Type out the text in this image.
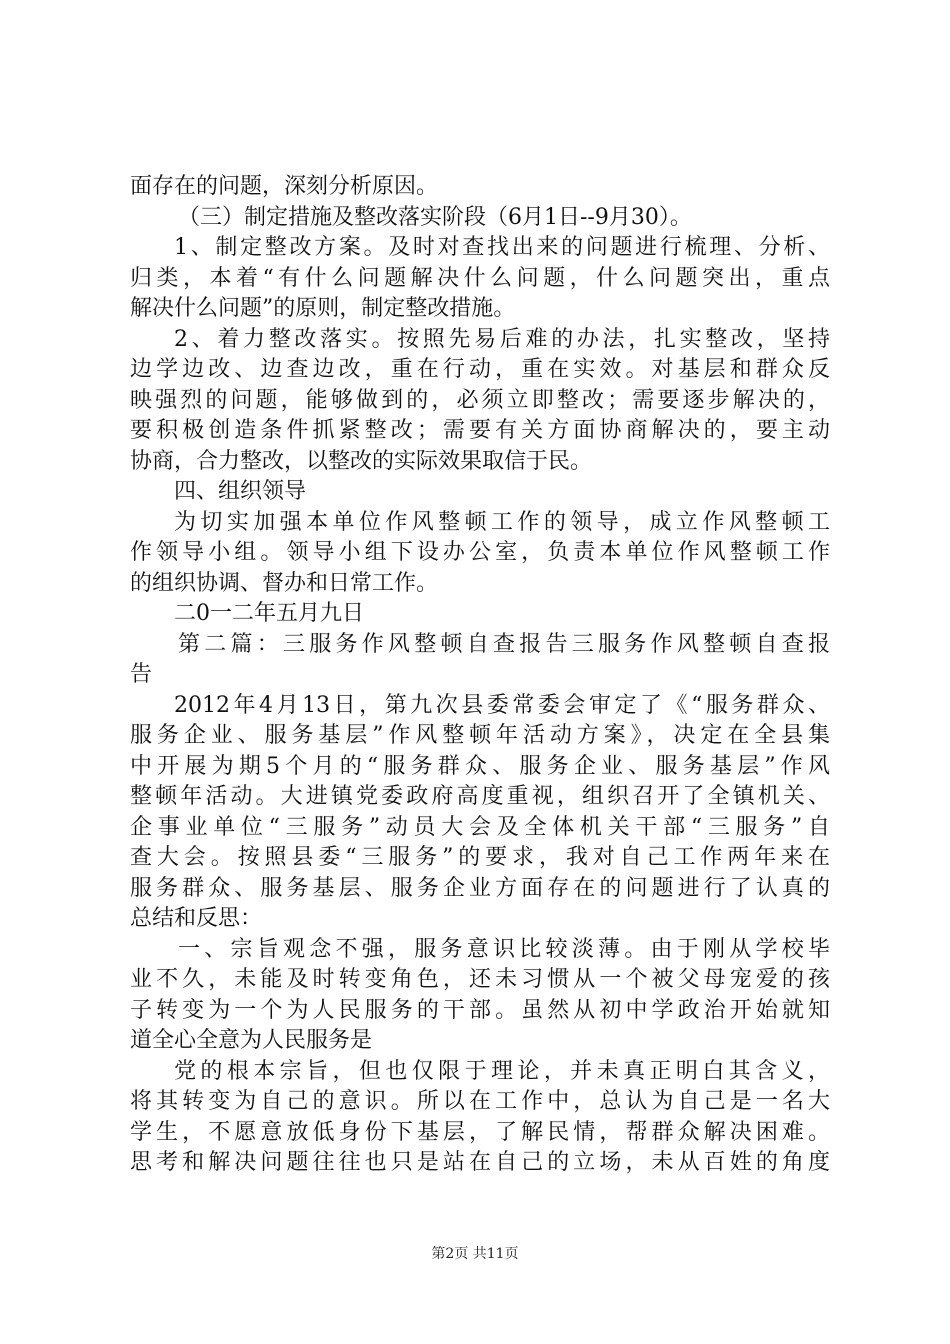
面存在的问题，深刻分析原因。
（三）制定措施及整改落实阶段（6月1日--9月30）。
1、制定整改方案。及时对查找出来的问题进行梳理、分析、
归类，本着“有什么问题解决什么问题，什么问题突出，重点
解决什么问题”的原则，制定整改措施。
2、着力整改落实。按照先易后难的办法，扎实整改，坚持
边学边改、边查边改，重在行动，重在实效。对基层和群众反
映强烈的问题，能够做到的，必须立即整改；需要逐步解决的，
要积极创造条件抓紧整改；需要有关方面协商解决的，要主动
协商，合力整改，以整改的实际效果取信于民。
四、组织领导
为切实加强本单位作风整顿工作的领导，成立作风整顿工
作领导小组。领导小组下设办公室，负责本单位作风整顿工作
的组织协调、督办和日常工作。
二0一二年五月九日
第二篇：三服务作风整顿自查报告三服务作风整顿自查报
告
2012年4月13日，第九次县委常委会审定了《“服务群众、
服务企业、服务基层”作风整顿年活动方案》，决定在全县集
中开展为期5个月的“服务群众、服务企业、服务基层”作风
整顿年活动。大进镇党委政府高度重视，组织召开了全镇机关、
企事业单位“三服务”动员大会及全体机关干部“三服务”自
查大会。按照县委“三服务”的要求，我对自己工作两年来在
服务群众、服务基层、服务企业方面存在的问题进行了认真的
总结和反思：
一、宗旨观念不强，服务意识比较淡薄。由于刚从学校毕
业不久，未能及时转变角色，还未习惯从一个被父母宠爱的孩
子转变为一个为人民服务的干部。虽然从初中学政治开始就知
道全心全意为人民服务是
党的根本宗旨，但也仅限于理论，并未真正明白其含义，
将其转变为自己的意识。所以在工作中，总认为自己是一名大
学生，不愿意放低身份下基层，了解民情，帮群众解决困难。
思考和解决问题往往也只是站在自己的立场，未从百姓的角度
第2页 共11页
